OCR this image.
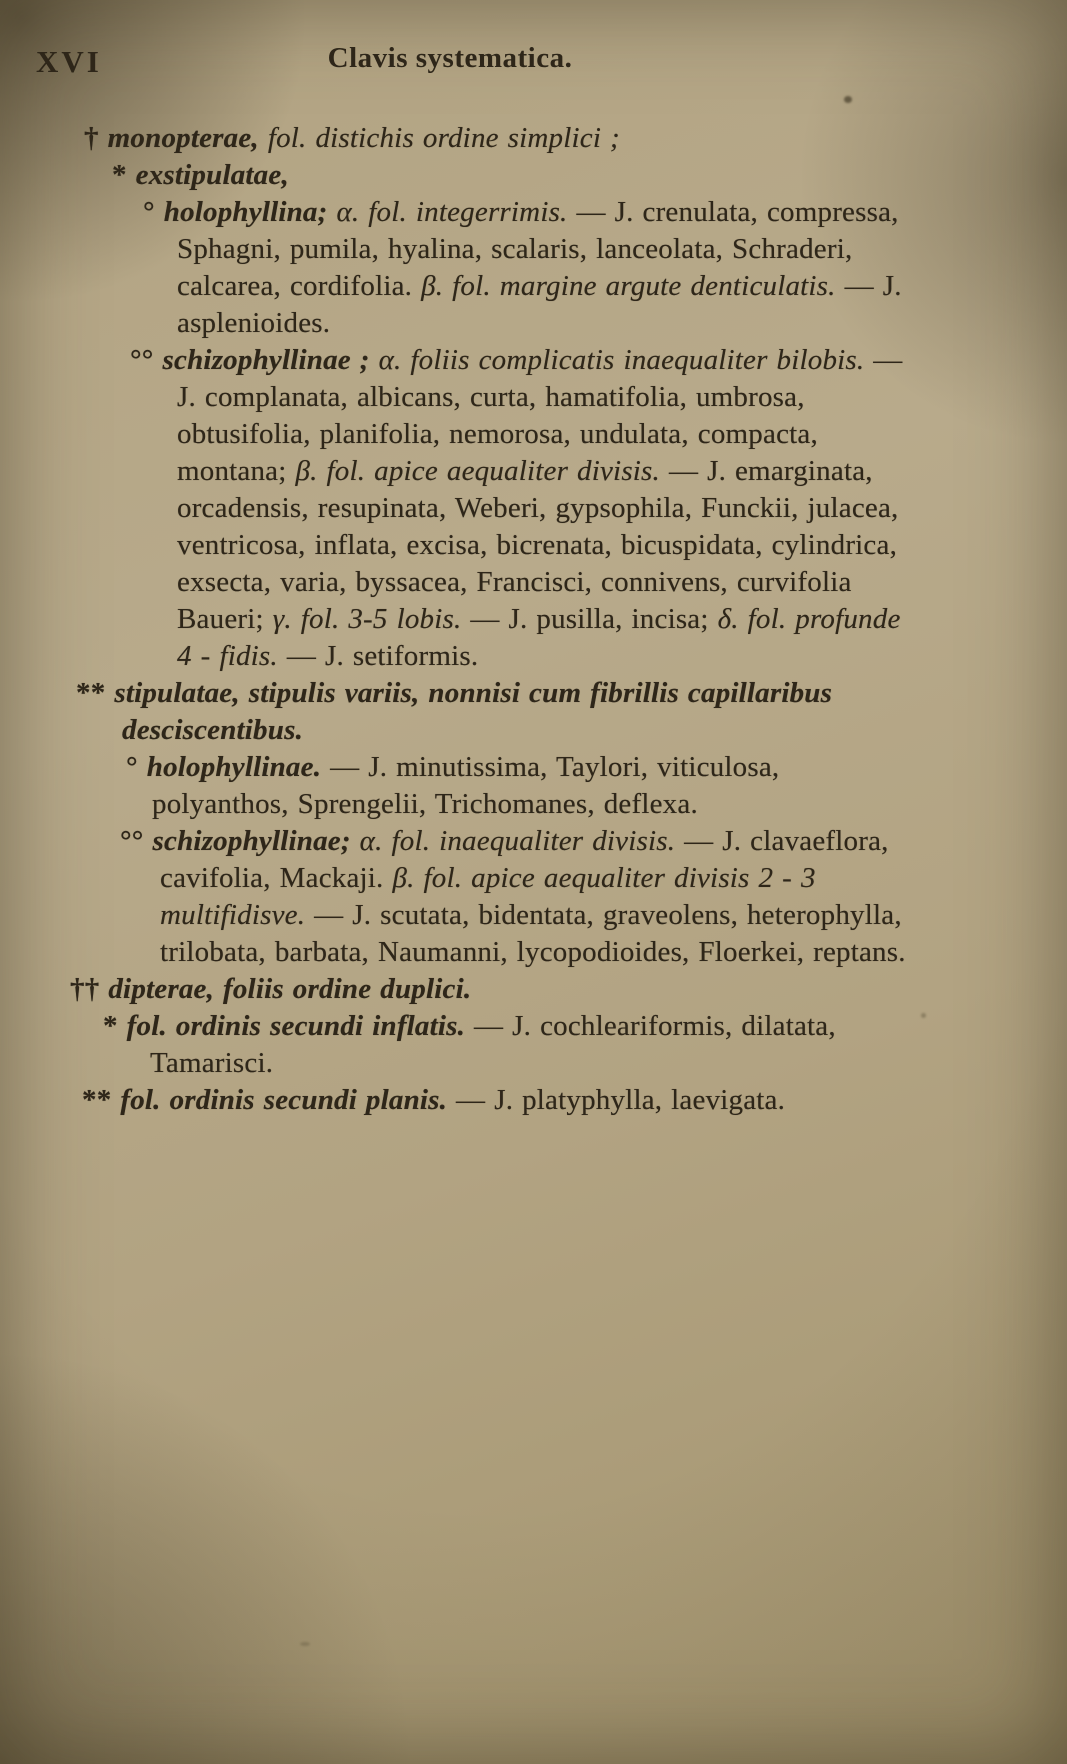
XVI	Clavis systematica.

† monopterae, fol. distichis ordine simplici ;

* exstipulatae,

° holophyllina; α. fol. integerrimis. — J. crenulata, compressa, Sphagni, pumila, hyalina, scalaris, lanceolata, Schraderi, calcarea, cordifolia. β. fol. margine argute denticulatis. — J. asplenioides.

°° schizophyllinae ; α. foliis complicatis inaequaliter bilobis. — J. complanata, albicans, curta, hamatifolia, umbrosa, obtusifolia, planifolia, nemorosa, undulata, compacta, montana; β. fol. apice aequaliter divisis. — J. emarginata, orcadensis, resupinata, Weberi, gypsophila, Funckii, julacea, ventricosa, inflata, excisa, bicrenata, bicuspidata, cylindrica, exsecta, varia, byssacea, Francisci, connivens, curvifolia Baueri; γ. fol. 3-5 lobis. — J. pusilla, incisa; δ. fol. profunde 4 - fidis. — J. setiformis.

** stipulatae, stipulis variis, nonnisi cum fibrillis capillaribus desciscentibus.

° holophyllinae. — J. minutissima, Taylori, viticulosa, polyanthos, Sprengelii, Trichomanes, deflexa.

°° schizophyllinae; α. fol. inaequaliter divisis. — J. clavaeflora, cavifolia, Mackaji. β. fol. apice aequaliter divisis 2 - 3 multifidisve. — J. scutata, bidentata, graveolens, heterophylla, trilobata, barbata, Naumanni, lycopodioides, Floerkei, reptans.

†† dipterae, foliis ordine duplici.

* fol. ordinis secundi inflatis. — J. cochleariformis, dilatata, Tamarisci.

** fol. ordinis secundi planis. — J. platyphylla, laevigata.
